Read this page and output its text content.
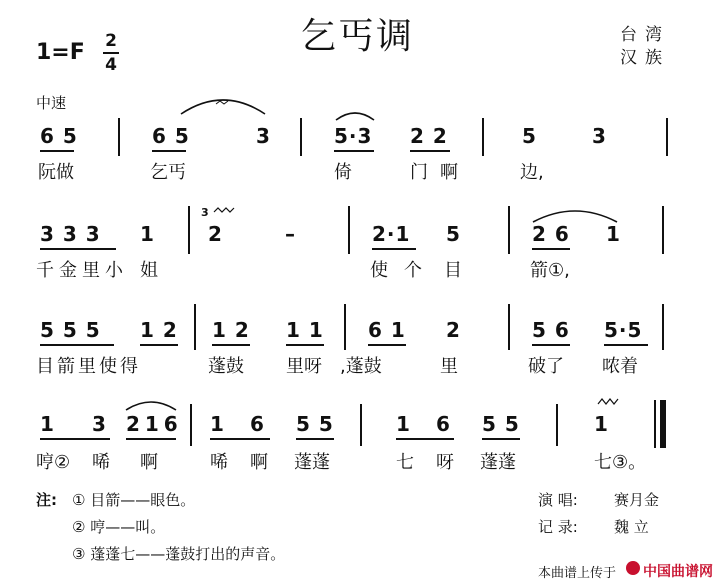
乞丐调	台湾
汉族
1=F 2
4
中速
6 5	6 5	3	5·3 2 2	5	3
阮做	乞丐	倚	门 啊	边,
3 3 3 1
3
2	–	2·1 5	2 6 1
千金里小 姐	使 个 目	箭①,
5 5 5 1 2 1 2 1 1 6 1 2	5 6 5·5
目箭里使得	蓬鼓 里呀 ,蓬鼓	里	破了 哝着
1 3 2 1 6 1 6 5 5	1 6 5 5	1
哼② 唏 啊	唏 啊 蓬蓬	七 呀 蓬蓬	七③。
注: ① 目箭——眼色。
② 哼——叫。
③ 蓬蓬七——蓬鼓打出的声音。
演 唱: 赛月金
记 录: 魏 立
本曲谱上传于 中国曲谱网
